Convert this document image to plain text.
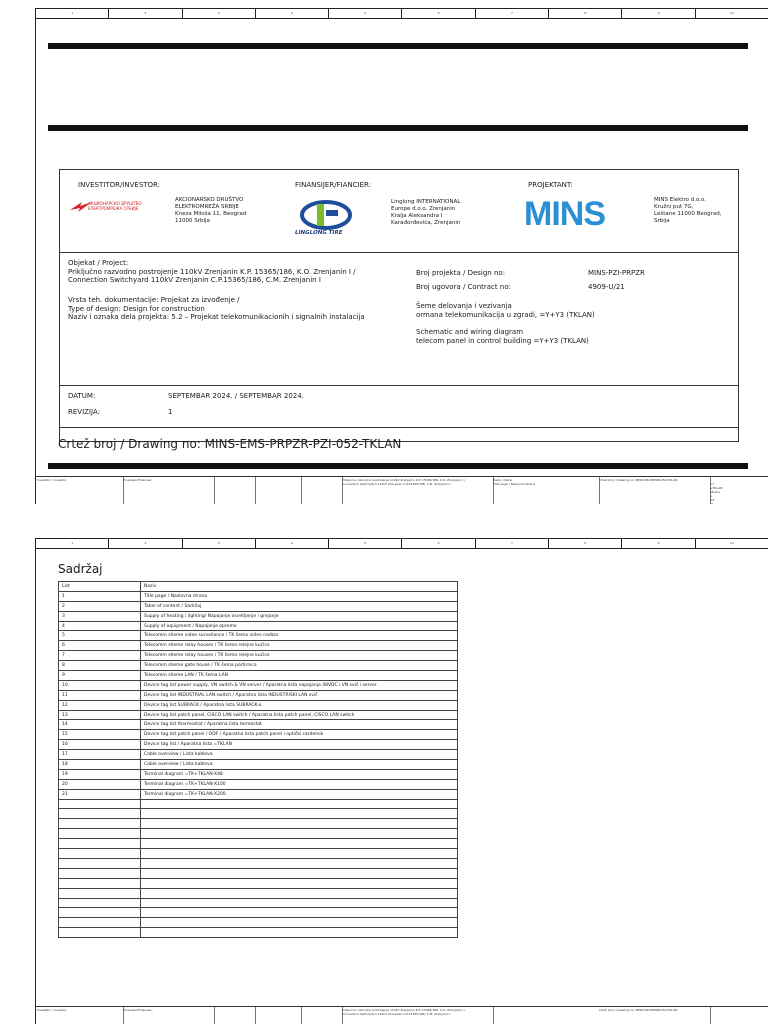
1	2	3	4	5	6	7	8	9	10
INVESTITOR/INVESTOR:
АКЦИОНАРСКО ДРУШТВО
ЕЛЕКТРОМРЕЖА СРБИЈЕ
AKCIONARSKO DRUŠTVO
ELEKTROMREŽA SRBIJE
Kneza Miloša 11, Beograd
11000 Srbija
FINANSIJER/FIANCIER:
LINGLONG TIRE
Linglong INTERNATIONAL
Europe d.o.o. Zrenjanin
Kralja Aleksandra I
Karađorđevića, Zrenjanin
PROJEKTANT:
MINS	MINS Elektro d.o.o.
Kružni put 7G,
Leštane 11000 Beograd,
Srbija
Objekat / Project:
Priključno razvodno postrojenje 110kV Zrenjanin K.P. 15365/186, K.O. Zrenjanin I /
Connection Switchyard 110kV Zrenjanin C.P.15365/186, C.M. Zrenjanin I
Vrsta teh. dokumentacije: Projekat za izvođenje /
Type of design: Design for construction
Naziv i oznaka dela projekta: 5.2 – Projekat telekomunikacionih i signalnih instalacija
Broj projekta / Design no:	MINS-PZI-PRPZR
Broj ugovora / Contract no:	4909-U/21
Šeme delovanja i vezivanja
ormana telekomunikacija u zgradi, =Y+Y3 (TKLAN)
Schematic and wiring diagram
telecom panel in control building =Y+Y3 (TKLAN)
DATUM:	SEPTEMBAR 2024. / SEPTEMBAR 2024.
REVIZIJA:	1
Crtež broj / Drawing no: MINS-EMS-PRPZR-PZI-052-TKLAN
Investitor / Investor:	Finansijer/Finansier:	Priključno razvodno postrojenje 110kV Zrenjanin K.P. 15365/186, K.O. Zrenjanin I /
Connection Switchyard 110kV Zrenjanin C.P.15365/186, C.M. Zrenjanin I
Naziv crteža:
Title page / Naslovna strana
Crtež broj / Drawing no: MINS-PZI-PRPZR-052-TKLAN

=Y
+TKLAN
Strana
1
Od
21

1	2	3	4	5	6	7	8	9	10
Sadržaj
List	Naziv
1	Title page / Naslovna strana
2	Tabel of content / Sadržaj
3	Supply of heating i lighting/ Napajanje osvetljenje i grejanje
4	Supply of equipment / Napajanje opreme
5	Telecomm sheme video surveilance / TK šema video nadzor
6	Telecomm sheme relay houses / TK šema relejne kućice
7	Telecomm sheme relay houses / TK šema relejne kućice
8	Telecomm sheme gate house / TK šema portirnica
9	Telecomm sheme LAN / TK šema LAN
10	Device tag list power supply, VN switch & VN server / Aparatna lista napajanja 48VDC i VN svič i server
11	Device tag list INDUSTRIAL LAN switch / Aparatna lista INDUSTRISKI LAN svič
12	Device tag list SUBRACK / Aparatna lista SUBRACK-a
13	Device tag list patch panel, CISCO LAN switch / Aparatna lista patch panel, CISCO LAN switch
14	Device tag list thermostat / Aparatna lista termostat
15	Device tag list patch panel / ODF / Aparatna lista patch panel i optički razdelnik
16	Device tag list / Aparatna lista =TKLAN
17	Cable overview / Lista kablova
18	Cable overview / Lista kablova
19	Terminal diagram =TK+TKLAN-X48
20	Terminal diagram =TK+TKLAN-X100
21	Terminal diagram =TK+TKLAN-X200

Investitor / Investor:	Finansijer/Finansier:	Priključno razvodno postrojenje 110kV Zrenjanin K.P. 15365/186, K.O. Zrenjanin I /
Connection Switchyard 110kV Zrenjanin C.P.15365/186, C.M. Zrenjanin I
Crtež broj / Drawing no: MINS-PZI-PRPZR-052-TKLAN
